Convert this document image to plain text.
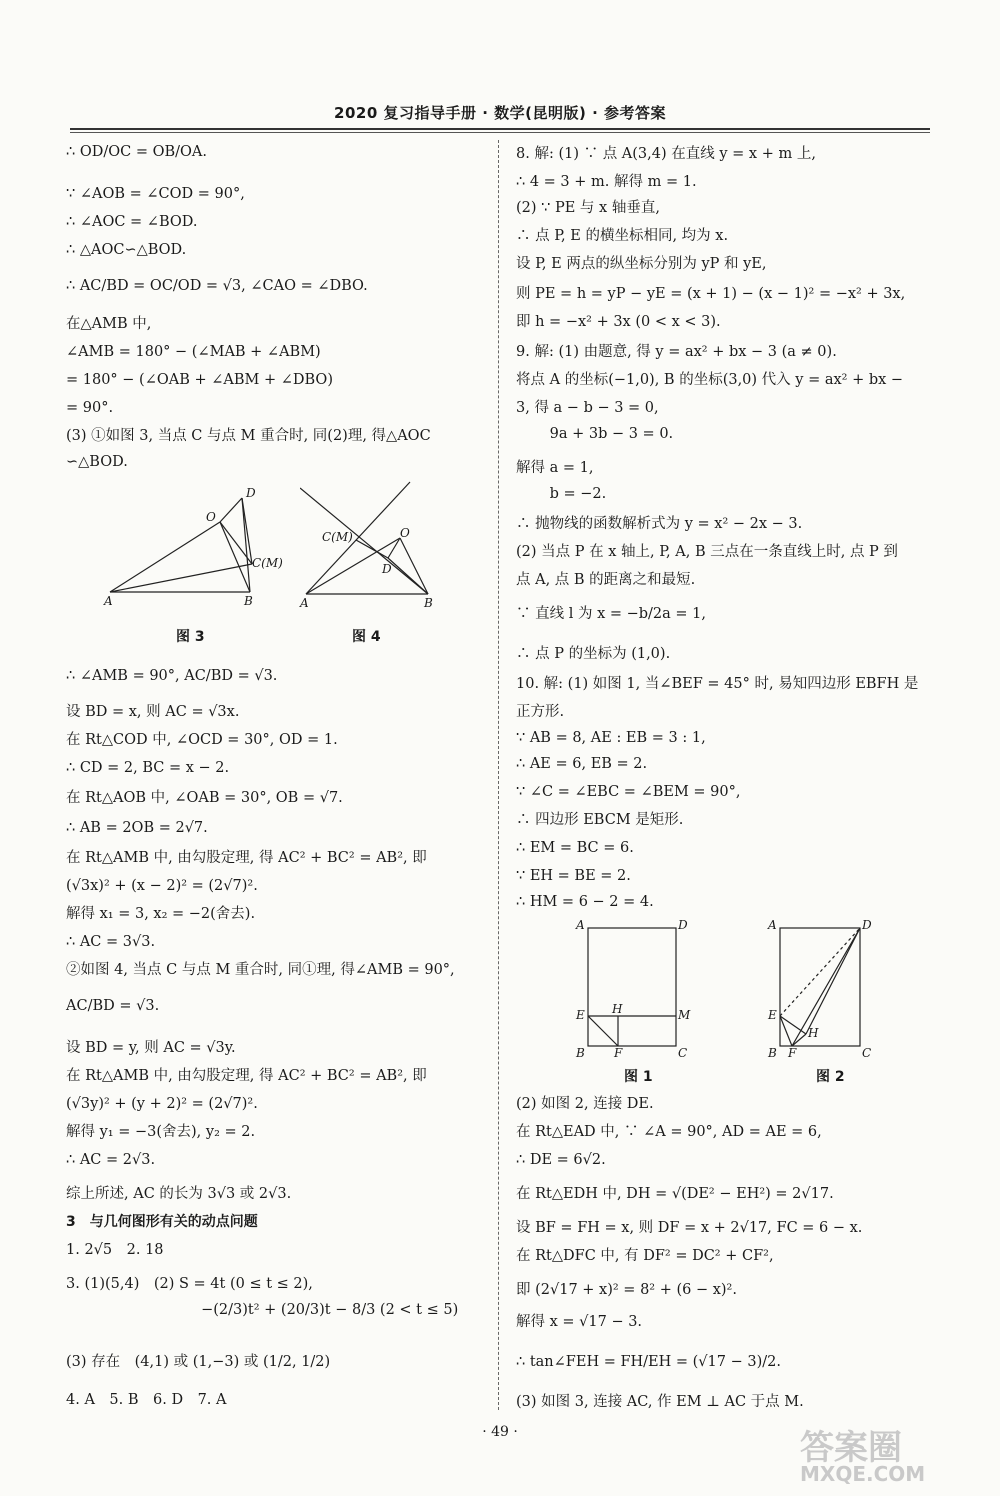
2020 复习指导手册 · 数学(昆明版) · 参考答案
A	B
O
D
C(M)
图 3
A	B
O
D
C(M)
图 4
∴ OD/OC = OB/OA.
∵ ∠AOB = ∠COD = 90°,
∴ ∠AOC = ∠BOD.
∴ △AOC∽△BOD.
∴ AC/BD = OC/OD = √3, ∠CAO = ∠DBO.
在△AMB 中,
∠AMB = 180° − (∠MAB + ∠ABM)
= 180° − (∠OAB + ∠ABM + ∠DBO)
= 90°.
(3) ①如图 3, 当点 C 与点 M 重合时, 同(2)理, 得△AOC
∽△BOD.
∴ ∠AMB = 90°, AC/BD = √3.
设 BD = x, 则 AC = √3x.
在 Rt△COD 中, ∠OCD = 30°, OD = 1.
∴ CD = 2, BC = x − 2.
在 Rt△AOB 中, ∠OAB = 30°, OB = √7.
∴ AB = 2OB = 2√7.
在 Rt△AMB 中, 由勾股定理, 得 AC² + BC² = AB², 即
(√3x)² + (x − 2)² = (2√7)².
解得 x₁ = 3, x₂ = −2(舍去).
∴ AC = 3√3.
②如图 4, 当点 C 与点 M 重合时, 同①理, 得∠AMB = 90°,
AC/BD = √3.
设 BD = y, 则 AC = √3y.
在 Rt△AMB 中, 由勾股定理, 得 AC² + BC² = AB², 即
(√3y)² + (y + 2)² = (2√7)².
解得 y₁ = −3(舍去), y₂ = 2.
∴ AC = 2√3.
综上所述, AC 的长为 3√3 或 2√3.
3　与几何图形有关的动点问题
1. 2√5　2. 18
3. (1)(5,4)　(2) S = 4t (0 ≤ t ≤ 2),
　　　　　　　　　 −(2/3)t² + (20/3)t − 8/3 (2 < t ≤ 5)
(3) 存在　(4,1) 或 (1,−3) 或 (1/2, 1/2)
4. A　5. B　6. D　7. A
A	D
H
E	M
B F	C
图 1
A	D
E
H
B F	C
图 2
8. 解: (1) ∵ 点 A(3,4) 在直线 y = x + m 上,
∴ 4 = 3 + m. 解得 m = 1.
(2) ∵ PE 与 x 轴垂直,
∴ 点 P, E 的横坐标相同, 均为 x.
设 P, E 两点的纵坐标分别为 yP 和 yE,
则 PE = h = yP − yE = (x + 1) − (x − 1)² = −x² + 3x,
即 h = −x² + 3x (0 < x < 3).
9. 解: (1) 由题意, 得 y = ax² + bx − 3 (a ≠ 0).
将点 A 的坐标(−1,0), B 的坐标(3,0) 代入 y = ax² + bx −
3, 得 a − b − 3 = 0,
　　 9a + 3b − 3 = 0.
解得 a = 1,
　　 b = −2.
∴ 抛物线的函数解析式为 y = x² − 2x − 3.
(2) 当点 P 在 x 轴上, P, A, B 三点在一条直线上时, 点 P 到
点 A, 点 B 的距离之和最短.
∵ 直线 l 为 x = −b/2a = 1,
∴ 点 P 的坐标为 (1,0).
10. 解: (1) 如图 1, 当∠BEF = 45° 时, 易知四边形 EBFH 是
正方形.
∵ AB = 8, AE : EB = 3 : 1,
∴ AE = 6, EB = 2.
∵ ∠C = ∠EBC = ∠BEM = 90°,
∴ 四边形 EBCM 是矩形.
∴ EM = BC = 6.
∵ EH = BE = 2.
∴ HM = 6 − 2 = 4.
(2) 如图 2, 连接 DE.
在 Rt△EAD 中, ∵ ∠A = 90°, AD = AE = 6,
∴ DE = 6√2.
在 Rt△EDH 中, DH = √(DE² − EH²) = 2√17.
设 BF = FH = x, 则 DF = x + 2√17, FC = 6 − x.
在 Rt△DFC 中, 有 DF² = DC² + CF²,
即 (2√17 + x)² = 8² + (6 − x)².
解得 x = √17 − 3.
∴ tan∠FEH = FH/EH = (√17 − 3)/2.
(3) 如图 3, 连接 AC, 作 EM ⊥ AC 于点 M.
· 49 ·	答案圈
MXQE.COM
